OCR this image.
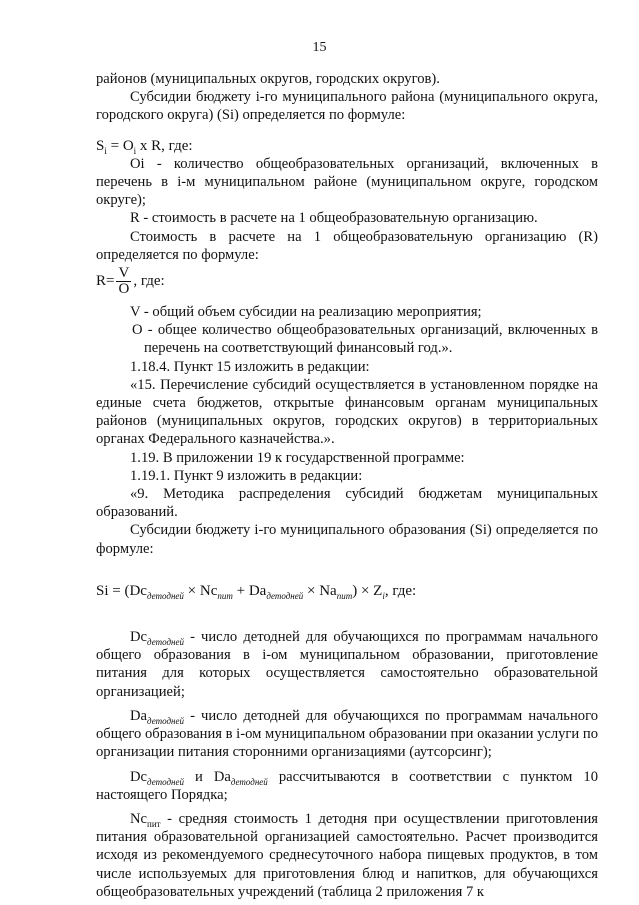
15

районов (муниципальных округов, городских округов).

Субсидии бюджету i-го муниципального района (муниципального округа, городского округа) (Si) определяется по формуле:

$S_i = O_i$ x R, где:

Oi - количество общеобразовательных организаций, включенных в перечень в i-м муниципальном районе (муниципальном округе, городском округе);

R - стоимость в расчете на 1 общеобразовательную организацию.

Стоимость в расчете на 1 общеобразовательную организацию (R) определяется по формуле:

$R= \frac{V}{O}$ , где:

V - общий объем субсидии на реализацию мероприятия;

O - общее количество общеобразовательных организаций, включенных в перечень на соответствующий финансовый год.».

1.18.4. Пункт 15 изложить в редакции:

«15. Перечисление субсидий осуществляется в установленном порядке на единые счета бюджетов, открытые финансовым органам муниципальных районов (муниципальных округов, городских округов) в территориальных органах Федерального казначейства.».

1.19. В приложении 19 к государственной программе:

1.19.1. Пункт 9 изложить в редакции:

«9. Методика распределения субсидий бюджетам муниципальных образований.

Субсидии бюджету i-го муниципального образования (Si) определяется по формуле:

$Si = (Dc_{детодней} \times Nc_{пит} + Da_{детодней} \times Na_{пит}) \times Z_i$, где:

$Dc_{детодней}$ - число детодней для обучающихся по программам начального общего образования в i-ом муниципальном образовании, приготовление питания для которых осуществляется самостоятельно образовательной организацией;

$Da_{детодней}$ - число детодней для обучающихся по программам начального общего образования в i-ом муниципальном образовании при оказании услуги по организации питания сторонними организациями (аутсорсинг);

$Dc_{детодней}$ и $Da_{детодней}$ рассчитываются в соответствии с пунктом 10 настоящего Порядка;

$Nc_{пит}$ - средняя стоимость 1 детодня при осуществлении приготовления питания образовательной организацией самостоятельно. Расчет производится исходя из рекомендуемого среднесуточного набора пищевых продуктов, в том числе используемых для приготовления блюд и напитков, для обучающихся общеобразовательных учреждений (таблица 2 приложения 7 к
